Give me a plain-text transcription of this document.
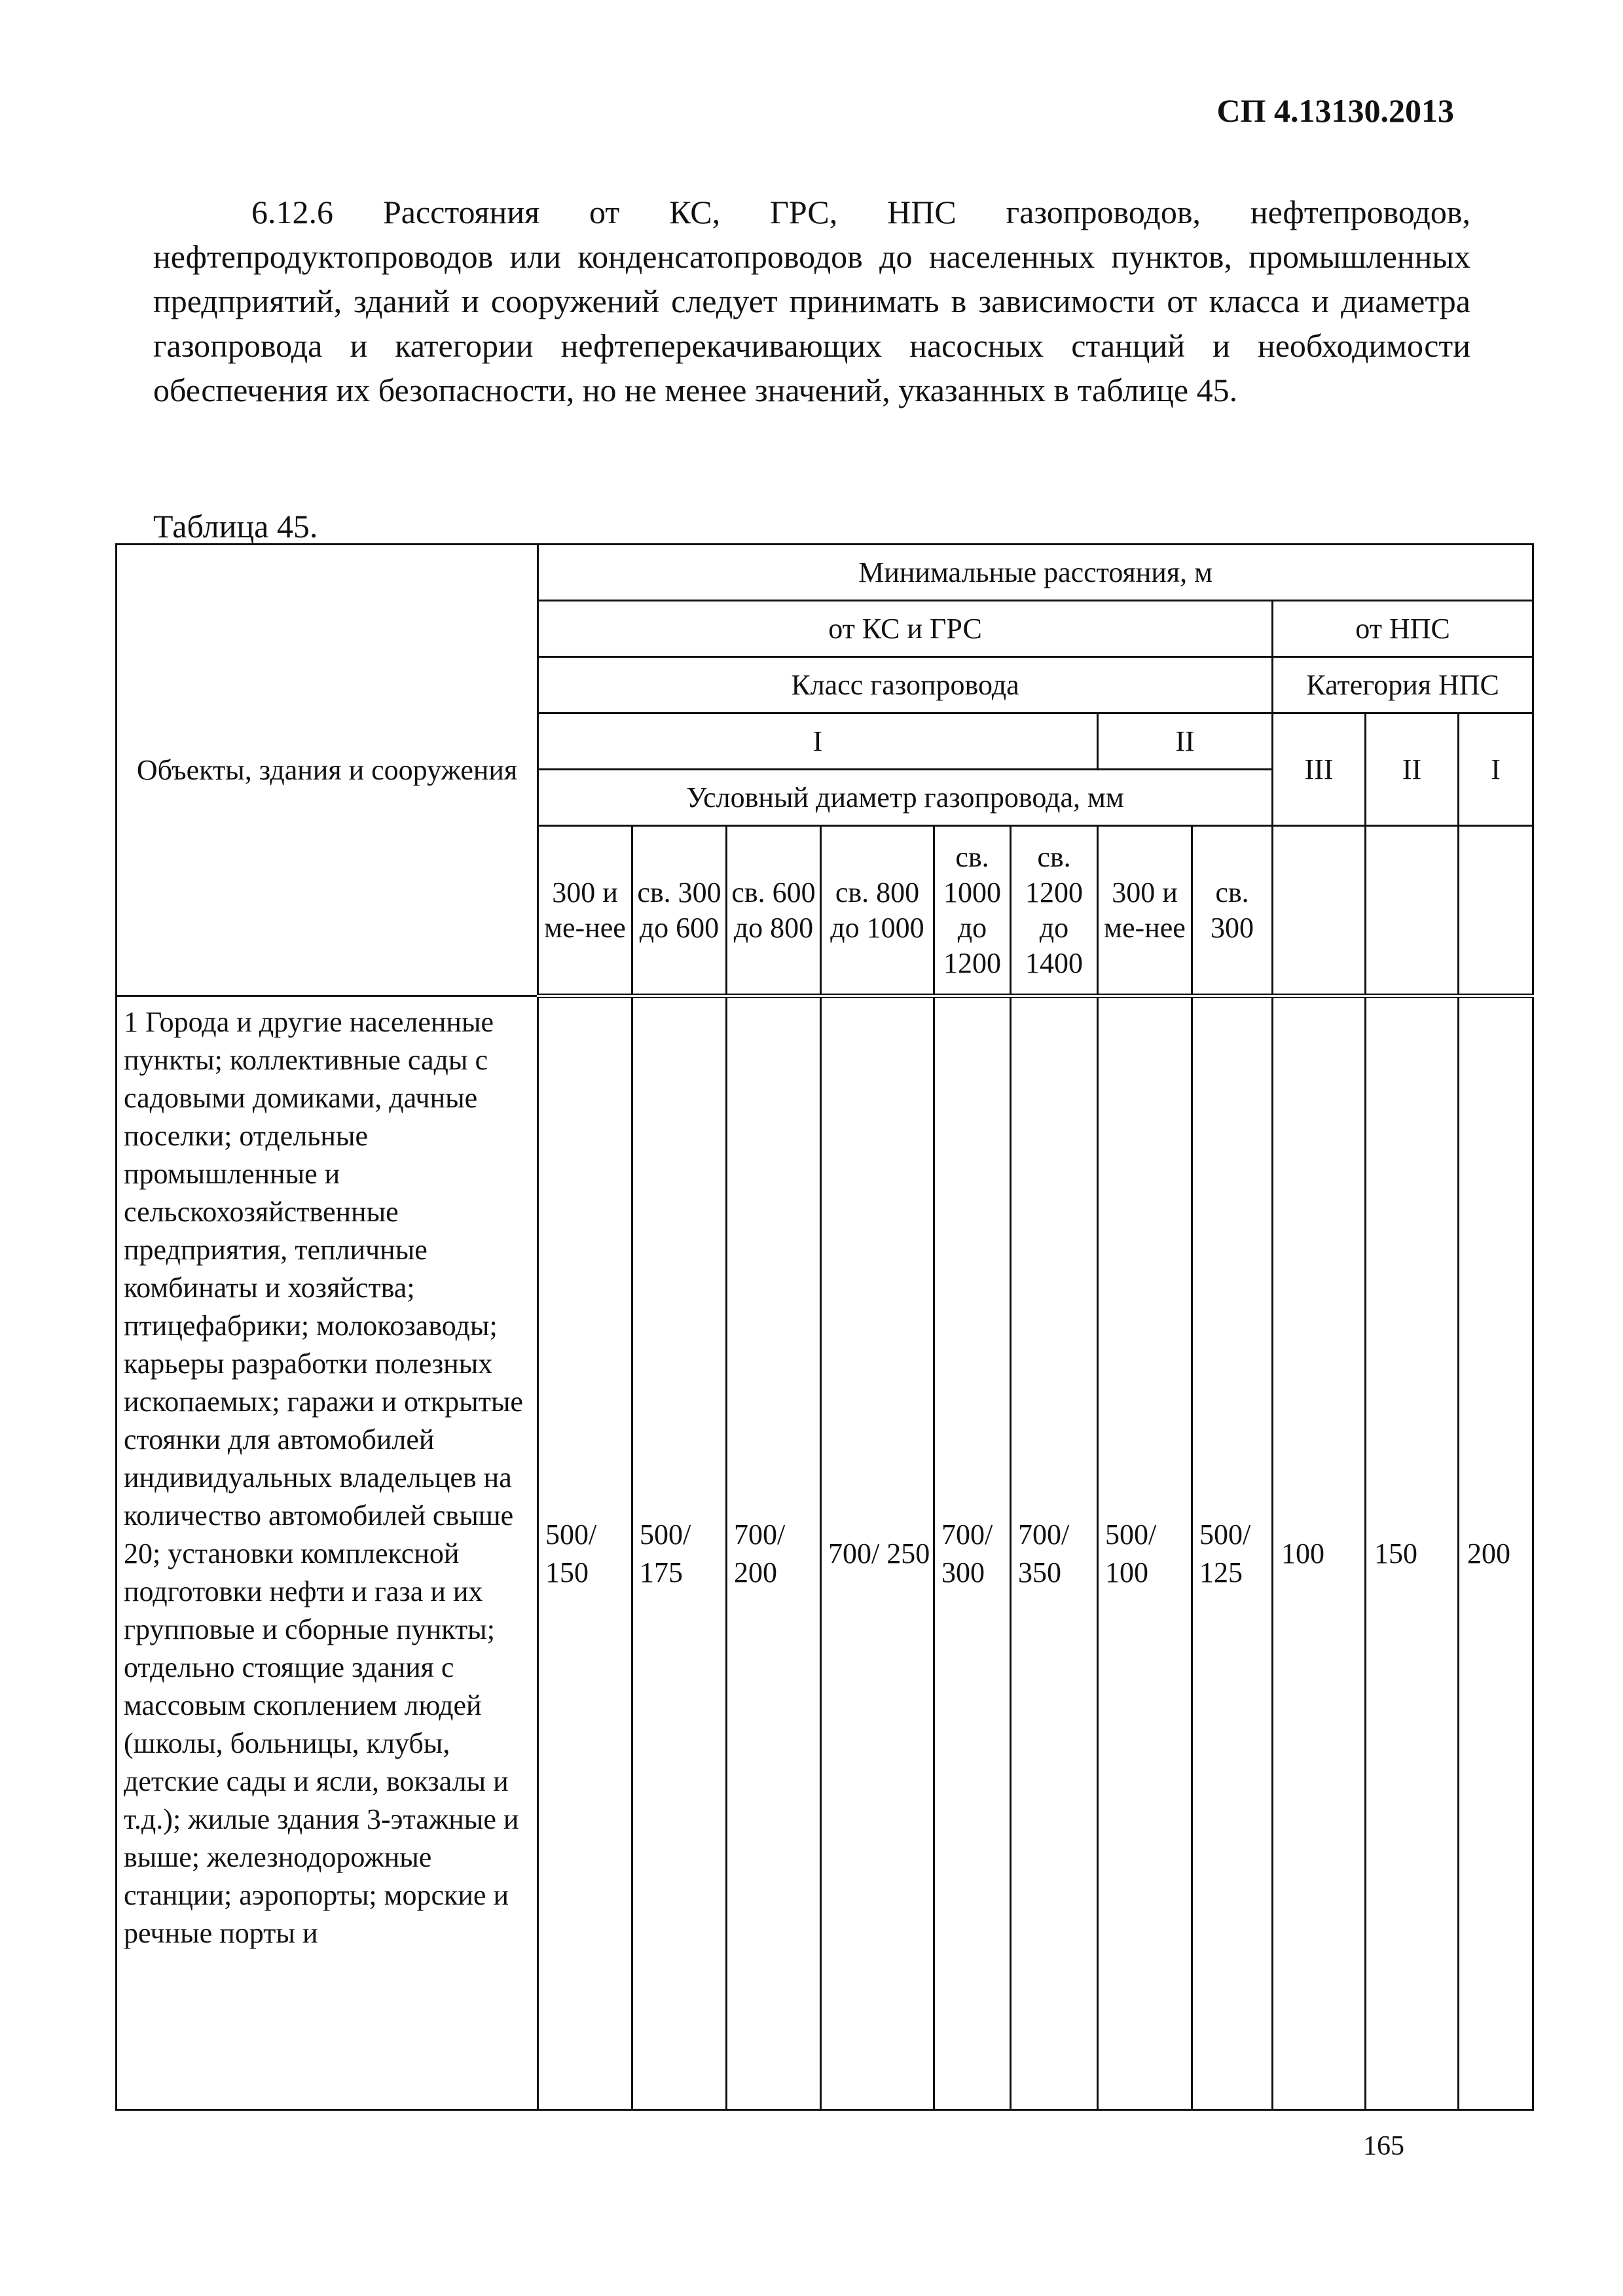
СП 4.13130.2013
6.12.6 Расстояния от КС, ГРС, НПС газопроводов, нефтепроводов, нефтепродуктопроводов или конденсатопроводов до населенных пунктов, промышленных предприятий, зданий и сооружений следует принимать в зависимости от класса и диаметра газопровода и категории нефтеперекачивающих насосных станций и необходимости обеспечения их безопасности, но не менее значений, указанных в таблице 45.
Таблица 45.
Объекты, здания и сооружения	Минимальные расстояния, м										
	от КС и ГРС								от НПС		
	Класс газопровода								Категория НПС		
	I						II		III	II	I
	Условный диаметр газопровода, мм										
	300 и ме-нее	св. 300 до 600	св. 600 до 800	св. 800 до 1000	св. 1000 до 1200	св. 1200 до 1400	300 и ме-нее	св. 300			
1 Города и другие населенные пункты; коллективные сады с садовыми домиками, дачные поселки; отдельные промышленные и сельскохозяйственные предприятия, тепличные комбинаты и хозяйства; птицефабрики; молокозаводы; карьеры разработки полезных ископаемых; гаражи и открытые стоянки для автомобилей индивидуальных владельцев на количество автомобилей свыше 20; установки комплексной подготовки нефти и газа и их групповые и сборные пункты; отдельно стоящие здания с массовым скоплением людей (школы, больницы, клубы, детские сады и ясли, вокзалы и т.д.); жилые здания 3-этажные и выше; железнодорожные станции; аэропорты; морские и речные порты и	500/ 150	500/ 175	700/ 200	700/ 250	700/ 300	700/ 350	500/ 100	500/ 125	100	150	200
165
